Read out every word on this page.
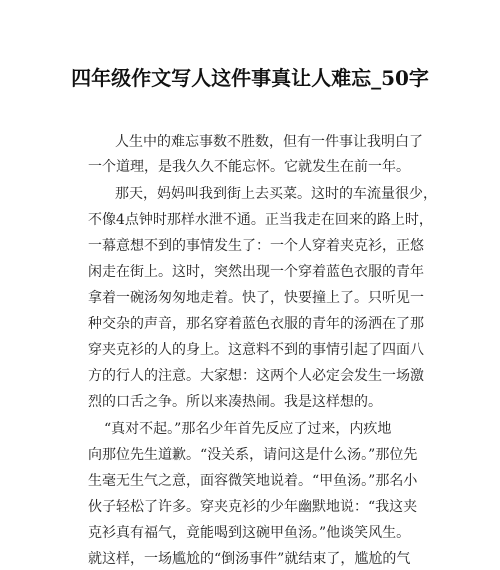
四年级作文写人这件事真让人难忘_50字
人生中的难忘事数不胜数，但有一件事让我明白了
一个道理，是我久久不能忘怀。它就发生在前一年。
那天，妈妈叫我到街上去买菜。这时的车流量很少，
不像4点钟时那样水泄不通。正当我走在回来的路上时，
一幕意想不到的事情发生了：一个人穿着夹克衫，正悠
闲走在街上。这时，突然出现一个穿着蓝色衣服的青年
拿着一碗汤匆匆地走着。快了，快要撞上了。只听见一
种交杂的声音，那名穿着蓝色衣服的青年的汤洒在了那
穿夹克衫的人的身上。这意料不到的事情引起了四面八
方的行人的注意。大家想：这两个人必定会发生一场激
烈的口舌之争。所以来凑热闹。我是这样想的。
“真对不起。”那名少年首先反应了过来，内疚地
向那位先生道歉。“没关系，请问这是什么汤。”那位先
生毫无生气之意，面容微笑地说着。“甲鱼汤。”那名小
伙子轻松了许多。穿夹克衫的少年幽默地说：“我这夹
克衫真有福气，竟能喝到这碗甲鱼汤。”他谈笑风生。
就这样，一场尴尬的“倒汤事件”就结束了，尴尬的气
